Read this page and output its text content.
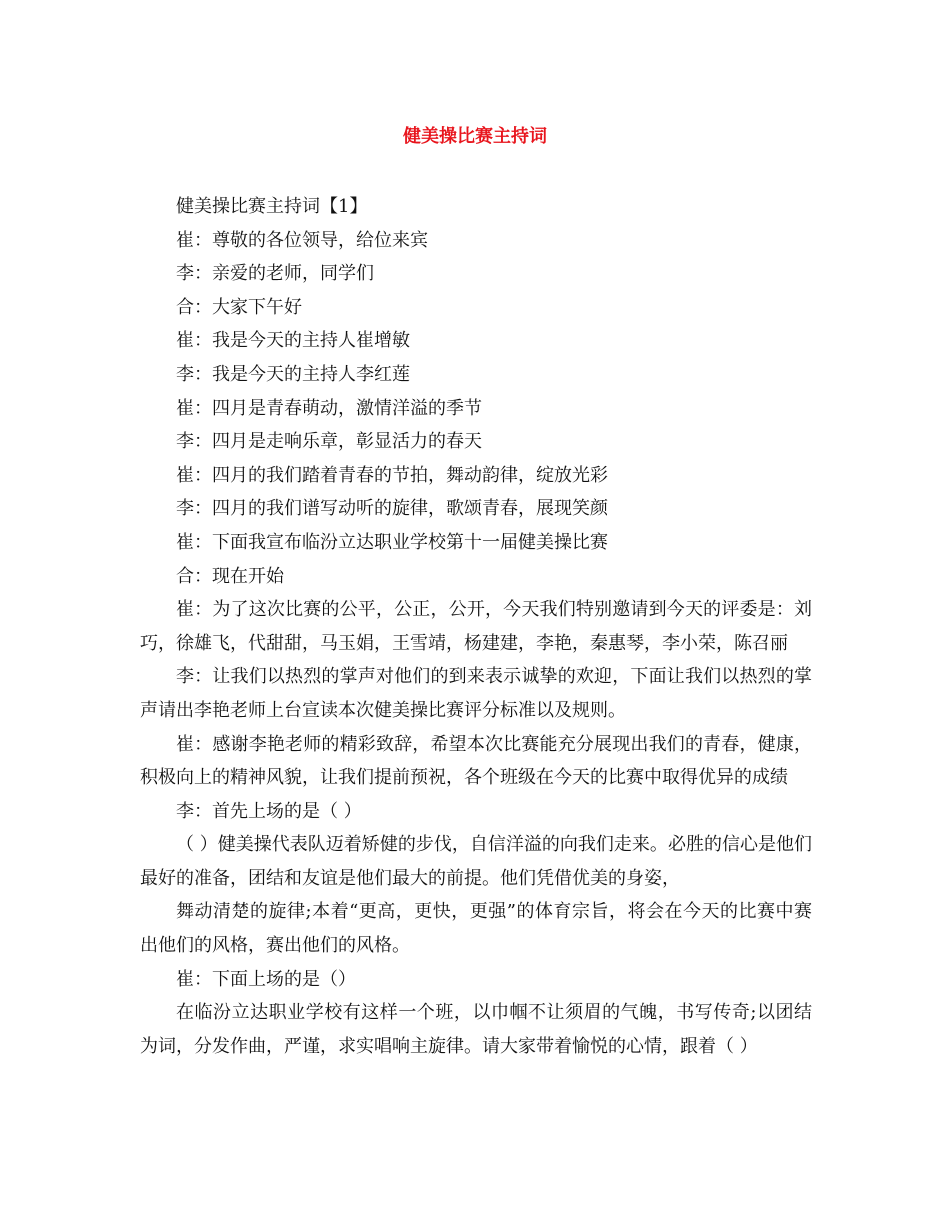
健美操比赛主持词

健美操比赛主持词【1】

崔：尊敬的各位领导，给位来宾

李：亲爱的老师，同学们

合：大家下午好

崔：我是今天的主持人崔增敏

李：我是今天的主持人李红莲

崔：四月是青春萌动，激情洋溢的季节

李：四月是走响乐章，彰显活力的春天

崔：四月的我们踏着青春的节拍，舞动韵律，绽放光彩

李：四月的我们谱写动听的旋律，歌颂青春，展现笑颜

崔：下面我宣布临汾立达职业学校第十一届健美操比赛

合：现在开始

崔：为了这次比赛的公平，公正，公开，今天我们特别邀请到今天的评委是：刘巧，徐雄飞，代甜甜，马玉娟，王雪靖，杨建建，李艳，秦惠琴，李小荣，陈召丽

李：让我们以热烈的掌声对他们的到来表示诚挚的欢迎，下面让我们以热烈的掌声请出李艳老师上台宣读本次健美操比赛评分标准以及规则。

崔：感谢李艳老师的精彩致辞，希望本次比赛能充分展现出我们的青春，健康，积极向上的精神风貌，让我们提前预祝，各个班级在今天的比赛中取得优异的成绩

李：首先上场的是（ ）

（ ）健美操代表队迈着矫健的步伐，自信洋溢的向我们走来。必胜的信心是他们最好的准备，团结和友谊是他们最大的前提。他们凭借优美的身姿，

舞动清楚的旋律;本着“更高，更快，更强”的体育宗旨，将会在今天的比赛中赛出他们的风格，赛出他们的风格。

崔：下面上场的是（）

在临汾立达职业学校有这样一个班，以巾帼不让须眉的气魄，书写传奇;以团结为词，分发作曲，严谨，求实唱响主旋律。请大家带着愉悦的心情，跟着（ ）
